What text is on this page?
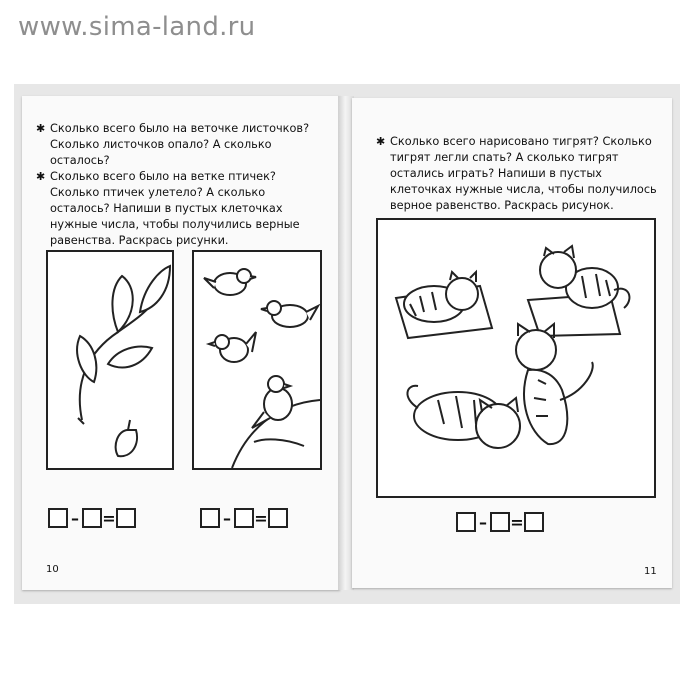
www.sima-land.ru

✱ Сколько всего было на веточке листочков? Сколько листочков опало? А сколько осталось?

✱ Сколько всего было на ветке птичек? Сколько птичек улетело? А сколько осталось? Напиши в пустых клеточках нужные числа, чтобы получились верные равенства. Раскрась рисунки.

– =	– =
10

✱ Сколько всего нарисовано тигрят? Сколько тигрят легли спать? А сколько тигрят остались играть? Напиши в пустых клеточках нужные числа, чтобы получилось верное равенство. Раскрась рисунок.

– =
11
